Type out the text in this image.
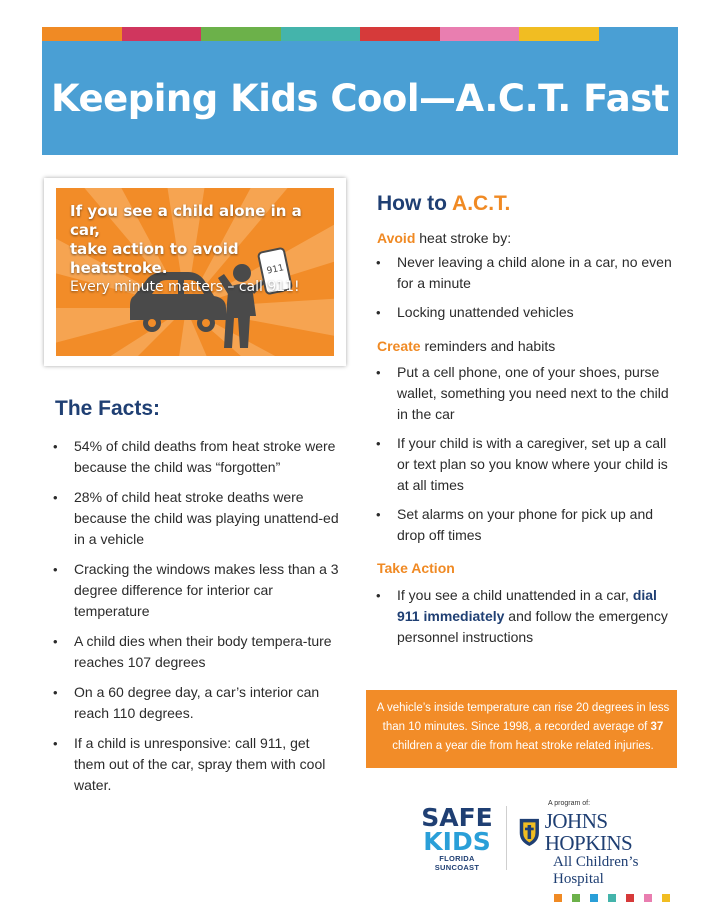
Keeping Kids Cool—A.C.T. Fast
911
If you see a child alone in a car,
take action to avoid heatstroke.
Every minute matters – call 911!
The Facts:
• 54% of child deaths from heat stroke were because the child was “forgotten”
• 28% of child heat stroke deaths were because the child was playing unattend-ed in a vehicle
• Cracking the windows makes less than a 3 degree difference for interior car temperature
• A child dies when their body tempera-ture reaches 107 degrees
• On a 60 degree day, a car’s interior can reach 110 degrees.
• If a child is unresponsive: call 911, get them out of the car, spray them with cool water.
How to A.C.T.
Avoid heat stroke by:
• Never leaving a child alone in a car, no even for a minute
• Locking unattended vehicles
Create reminders and habits
• Put a cell phone, one of your shoes, purse wallet, something you need next to the child in the car
• If your child is with a caregiver, set up a call or text plan so you know where your child is at all times
• Set alarms on your phone for pick up and drop off times
Take Action
• If you see a child unattended in a car, dial 911 immediately and follow the emergency personnel instructions
A vehicle’s inside temperature can rise 20 degrees in less than 10 minutes. Since 1998, a recorded average of 37 children a year die from heat stroke related injuries.
SAFE
KIDS
FLORIDA
SUNCOAST
A program of:
JOHNS HOPKINS
All Children’s Hospital
